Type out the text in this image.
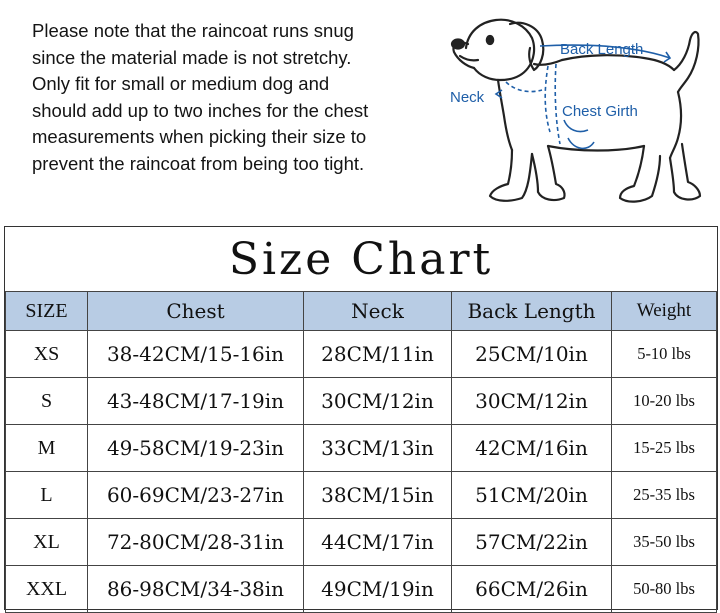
Please note that the raincoat runs snug
since the material made is not stretchy.
Only fit for small or medium dog and
should add up to two inches for the chest
measurements when picking their size to
prevent the raincoat from being too tight.

Back Length
Neck
Chest Girth
Size Chart
SIZE	Chest	Neck	Back Length	Weight
XS	38-42CM/15-16in	28CM/11in	25CM/10in	5-10 lbs
S	43-48CM/17-19in	30CM/12in	30CM/12in	10-20 lbs
M	49-58CM/19-23in	33CM/13in	42CM/16in	15-25 lbs
L	60-69CM/23-27in	38CM/15in	51CM/20in	25-35 lbs
XL	72-80CM/28-31in	44CM/17in	57CM/22in	35-50 lbs
XXL	86-98CM/34-38in	49CM/19in	66CM/26in	50-80 lbs
